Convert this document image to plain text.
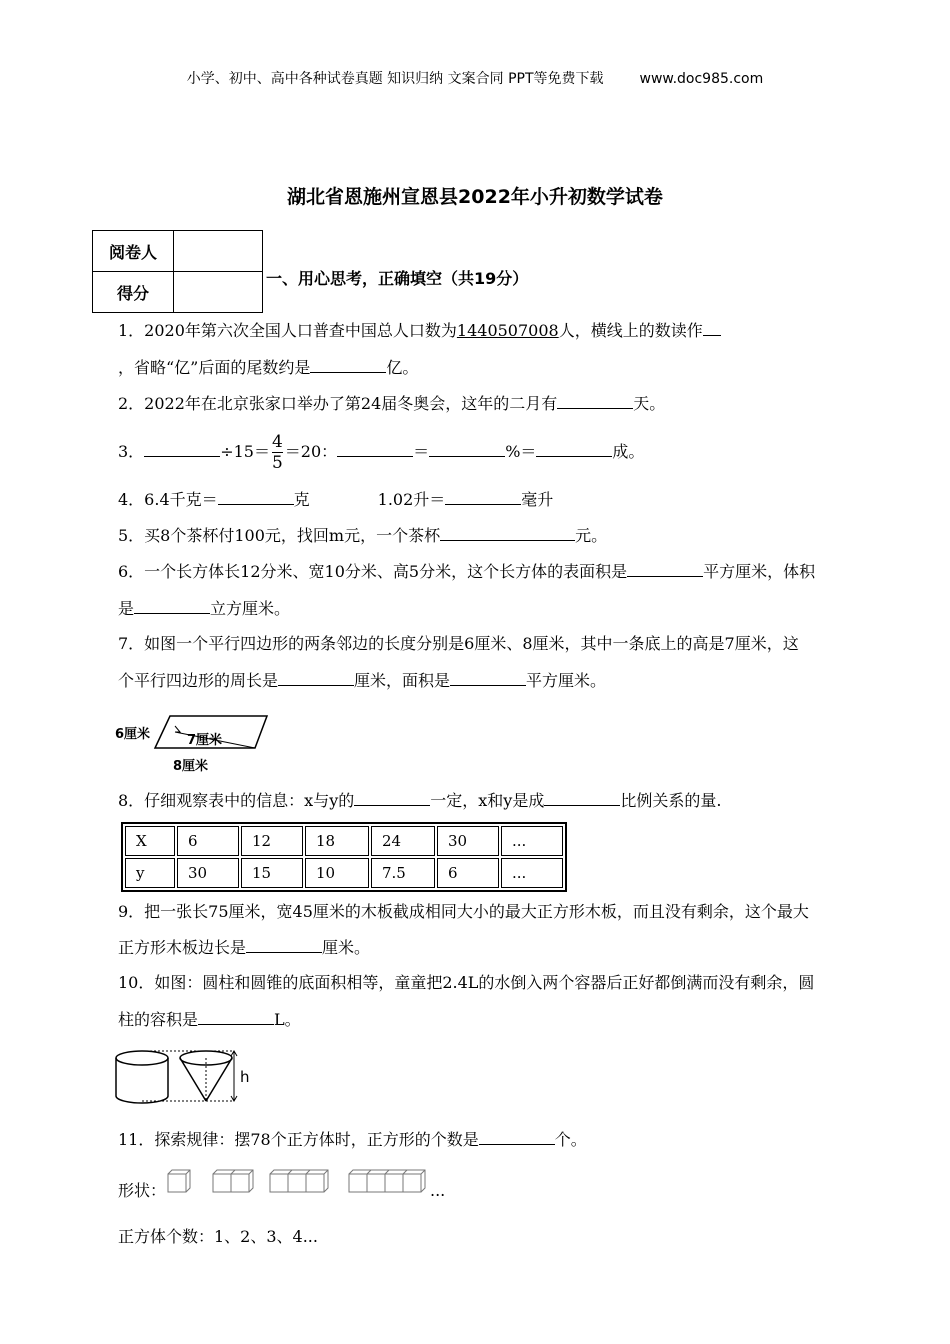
小学、初中、高中各种试卷真题 知识归纳 文案合同 PPT等免费下载	www.doc985.com
湖北省恩施州宣恩县2022年小升初数学试卷
阅卷人	
得分	
一、用心思考，正确填空（共19分）
1．2020年第六次全国人口普查中国总人口数为1440507008人，横线上的数读作
，省略“亿”后面的尾数约是	亿。
2．2022年在北京张家口举办了第24届冬奥会，这年的二月有	天。
3．	$\div 15= \frac{4}{5} =20$：	＝	%＝	成。
4．6.4千克＝	克	1.02升＝	毫升
5．买8个茶杯付100元，找回m元，一个茶杯	元。
6．一个长方体长12分米、宽10分米、高5分米，这个长方体的表面积是	平方厘米，体积
是	立方厘米。
7．如图一个平行四边形的两条邻边的长度分别是6厘米、8厘米，其中一条底上的高是7厘米，这
个平行四边形的周长是	厘米，面积是	平方厘米。
6厘米	7厘米
8厘米
8．仔细观察表中的信息：x与y的	一定，x和y是成	比例关系的量.
X	6	12	18	24	30	...
y	30	15	10	7.5	6	...
9．把一张长75厘米，宽45厘米的木板截成相同大小的最大正方形木板，而且没有剩余，这个最大
正方形木板边长是	厘米。
10．如图：圆柱和圆锥的底面积相等，童童把2.4L的水倒入两个容器后正好都倒满而没有剩余，圆
柱的容积是	L。
h
11．探索规律：摆78个正方体时，正方形的个数是	个。
形状：	...
正方体个数：1、2、3、4...
